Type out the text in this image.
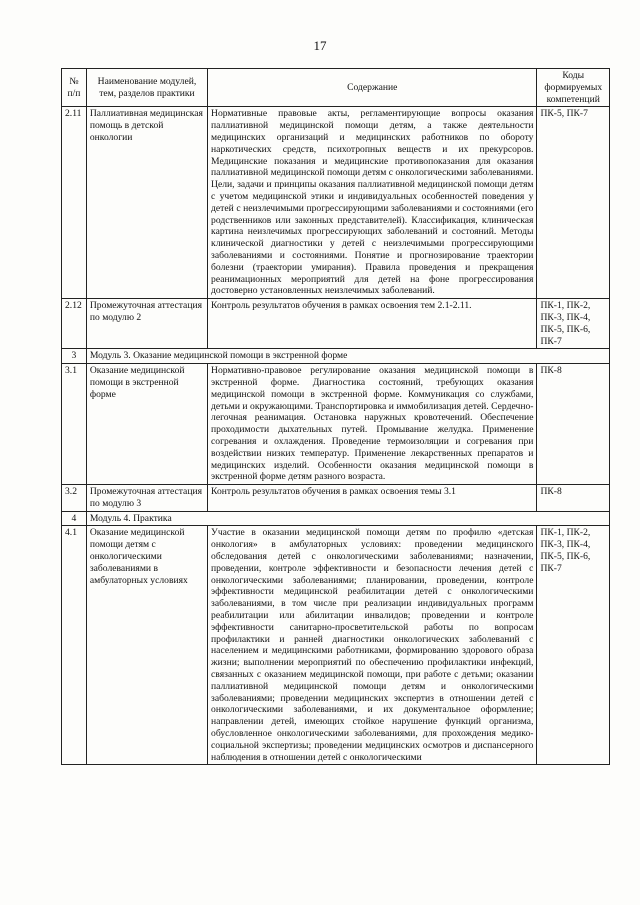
17
№ п/п	Наименование модулей, тем, разделов практики	Содержание	Коды формируемых компетенций
2.11	Паллиативная медицинская помощь в детской онкологии	Нормативные правовые акты, регламентирующие вопросы оказания паллиативной медицинской помощи детям, а также деятельности медицинских организаций и медицинских работников по обороту наркотических средств, психотропных веществ и их прекурсоров. Медицинские показания и медицинские противопоказания для оказания паллиативной медицинской помощи детям с онкологическими заболеваниями. Цели, задачи и принципы оказания паллиативной медицинской помощи детям с учетом медицинской этики и индивидуальных особенностей поведения у детей с неизлечимыми прогрессирующими заболеваниями и состояниями (его родственников или законных представителей). Классификация, клиническая картина неизлечимых прогрессирующих заболеваний и состояний. Методы клинической диагностики у детей с неизлечимыми прогрессирующими заболеваниями и состояниями. Понятие и прогнозирование траектории болезни (траектории умирания). Правила проведения и прекращения реанимационных мероприятий для детей на фоне прогрессирования достоверно установленных неизлечимых заболеваний.	ПК-5, ПК-7
2.12	Промежуточная аттестация по модулю 2	Контроль результатов обучения в рамках освоения тем 2.1-2.11.	ПК-1, ПК-2, ПК-3, ПК-4, ПК-5, ПК-6, ПК-7
3	Модуль 3. Оказание медицинской помощи в экстренной форме		
3.1	Оказание медицинской помощи в экстренной форме	Нормативно-правовое регулирование оказания медицинской помощи в экстренной форме. Диагностика состояний, требующих оказания медицинской помощи в экстренной форме. Коммуникация со службами, детьми и окружающими. Транспортировка и иммобилизация детей. Сердечно-легочная реанимация. Остановка наружных кровотечений. Обеспечение проходимости дыхательных путей. Промывание желудка. Применение согревания и охлаждения. Проведение термоизоляции и согревания при воздействии низких температур. Применение лекарственных препаратов и медицинских изделий. Особенности оказания медицинской помощи в экстренной форме детям разного возраста.	ПК-8
3.2	Промежуточная аттестация по модулю 3	Контроль результатов обучения в рамках освоения темы 3.1	ПК-8
4	Модуль 4. Практика		
4.1	Оказание медицинской помощи детям с онкологическими заболеваниями в амбулаторных условиях	Участие в оказании медицинской помощи детям по профилю «детская онкология» в амбулаторных условиях: проведении медицинского обследования детей с онкологическими заболеваниями; назначении, проведении, контроле эффективности и безопасности лечения детей с онкологическими заболеваниями; планировании, проведении, контроле эффективности медицинской реабилитации детей с онкологическими заболеваниями, в том числе при реализации индивидуальных программ реабилитации или абилитации инвалидов; проведении и контроле эффективности санитарно-просветительской работы по вопросам профилактики и ранней диагностики онкологических заболеваний с населением и медицинскими работниками, формированию здорового образа жизни; выполнении мероприятий по обеспечению профилактики инфекций, связанных с оказанием медицинской помощи, при работе с детьми; оказании паллиативной медицинской помощи детям и онкологическими заболеваниями; проведении медицинских экспертиз в отношении детей с онкологическими заболеваниями, и их документальное оформление; направлении детей, имеющих стойкое нарушение функций организма, обусловленное онкологическими заболеваниями, для прохождения медико-социальной экспертизы; проведении медицинских осмотров и диспансерного наблюдения в отношении детей с онкологическими	ПК-1, ПК-2, ПК-3, ПК-4, ПК-5, ПК-6, ПК-7
